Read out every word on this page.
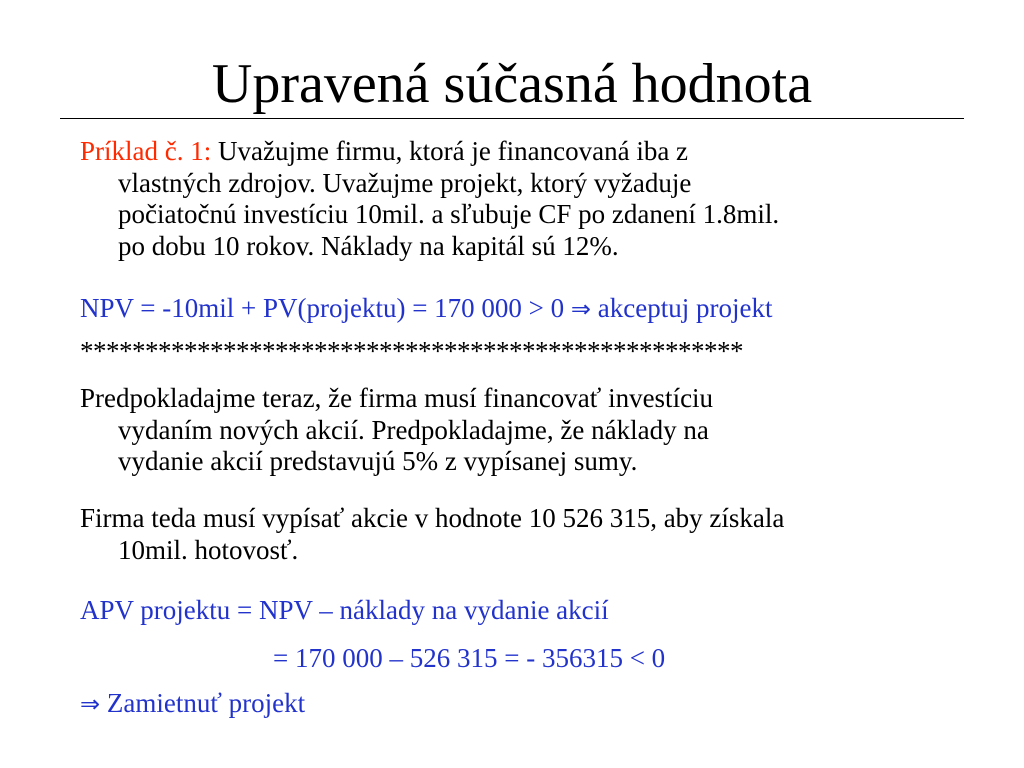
Upravená súčasná hodnota
Príklad č. 1: Uvažujme firmu, ktorá je financovaná iba z
vlastných zdrojov. Uvažujme projekt, ktorý vyžaduje
počiatočnú investíciu 10mil. a sľubuje CF po zdanení 1.8mil.
po dobu 10 rokov. Náklady na kapitál sú 12%.
NPV = -10mil + PV(projektu) = 170 000 > 0 ⇒ akceptuj projekt
***************************************************
Predpokladajme teraz, že firma musí financovať investíciu
vydaním nových akcií. Predpokladajme, že náklady na
vydanie akcií predstavujú 5% z vypísanej sumy.
Firma teda musí vypísať akcie v hodnote 10 526 315, aby získala
10mil. hotovosť.
APV projektu = NPV – náklady na vydanie akcií
= 170 000 – 526 315 = - 356315 < 0
⇒ Zamietnuť projekt
